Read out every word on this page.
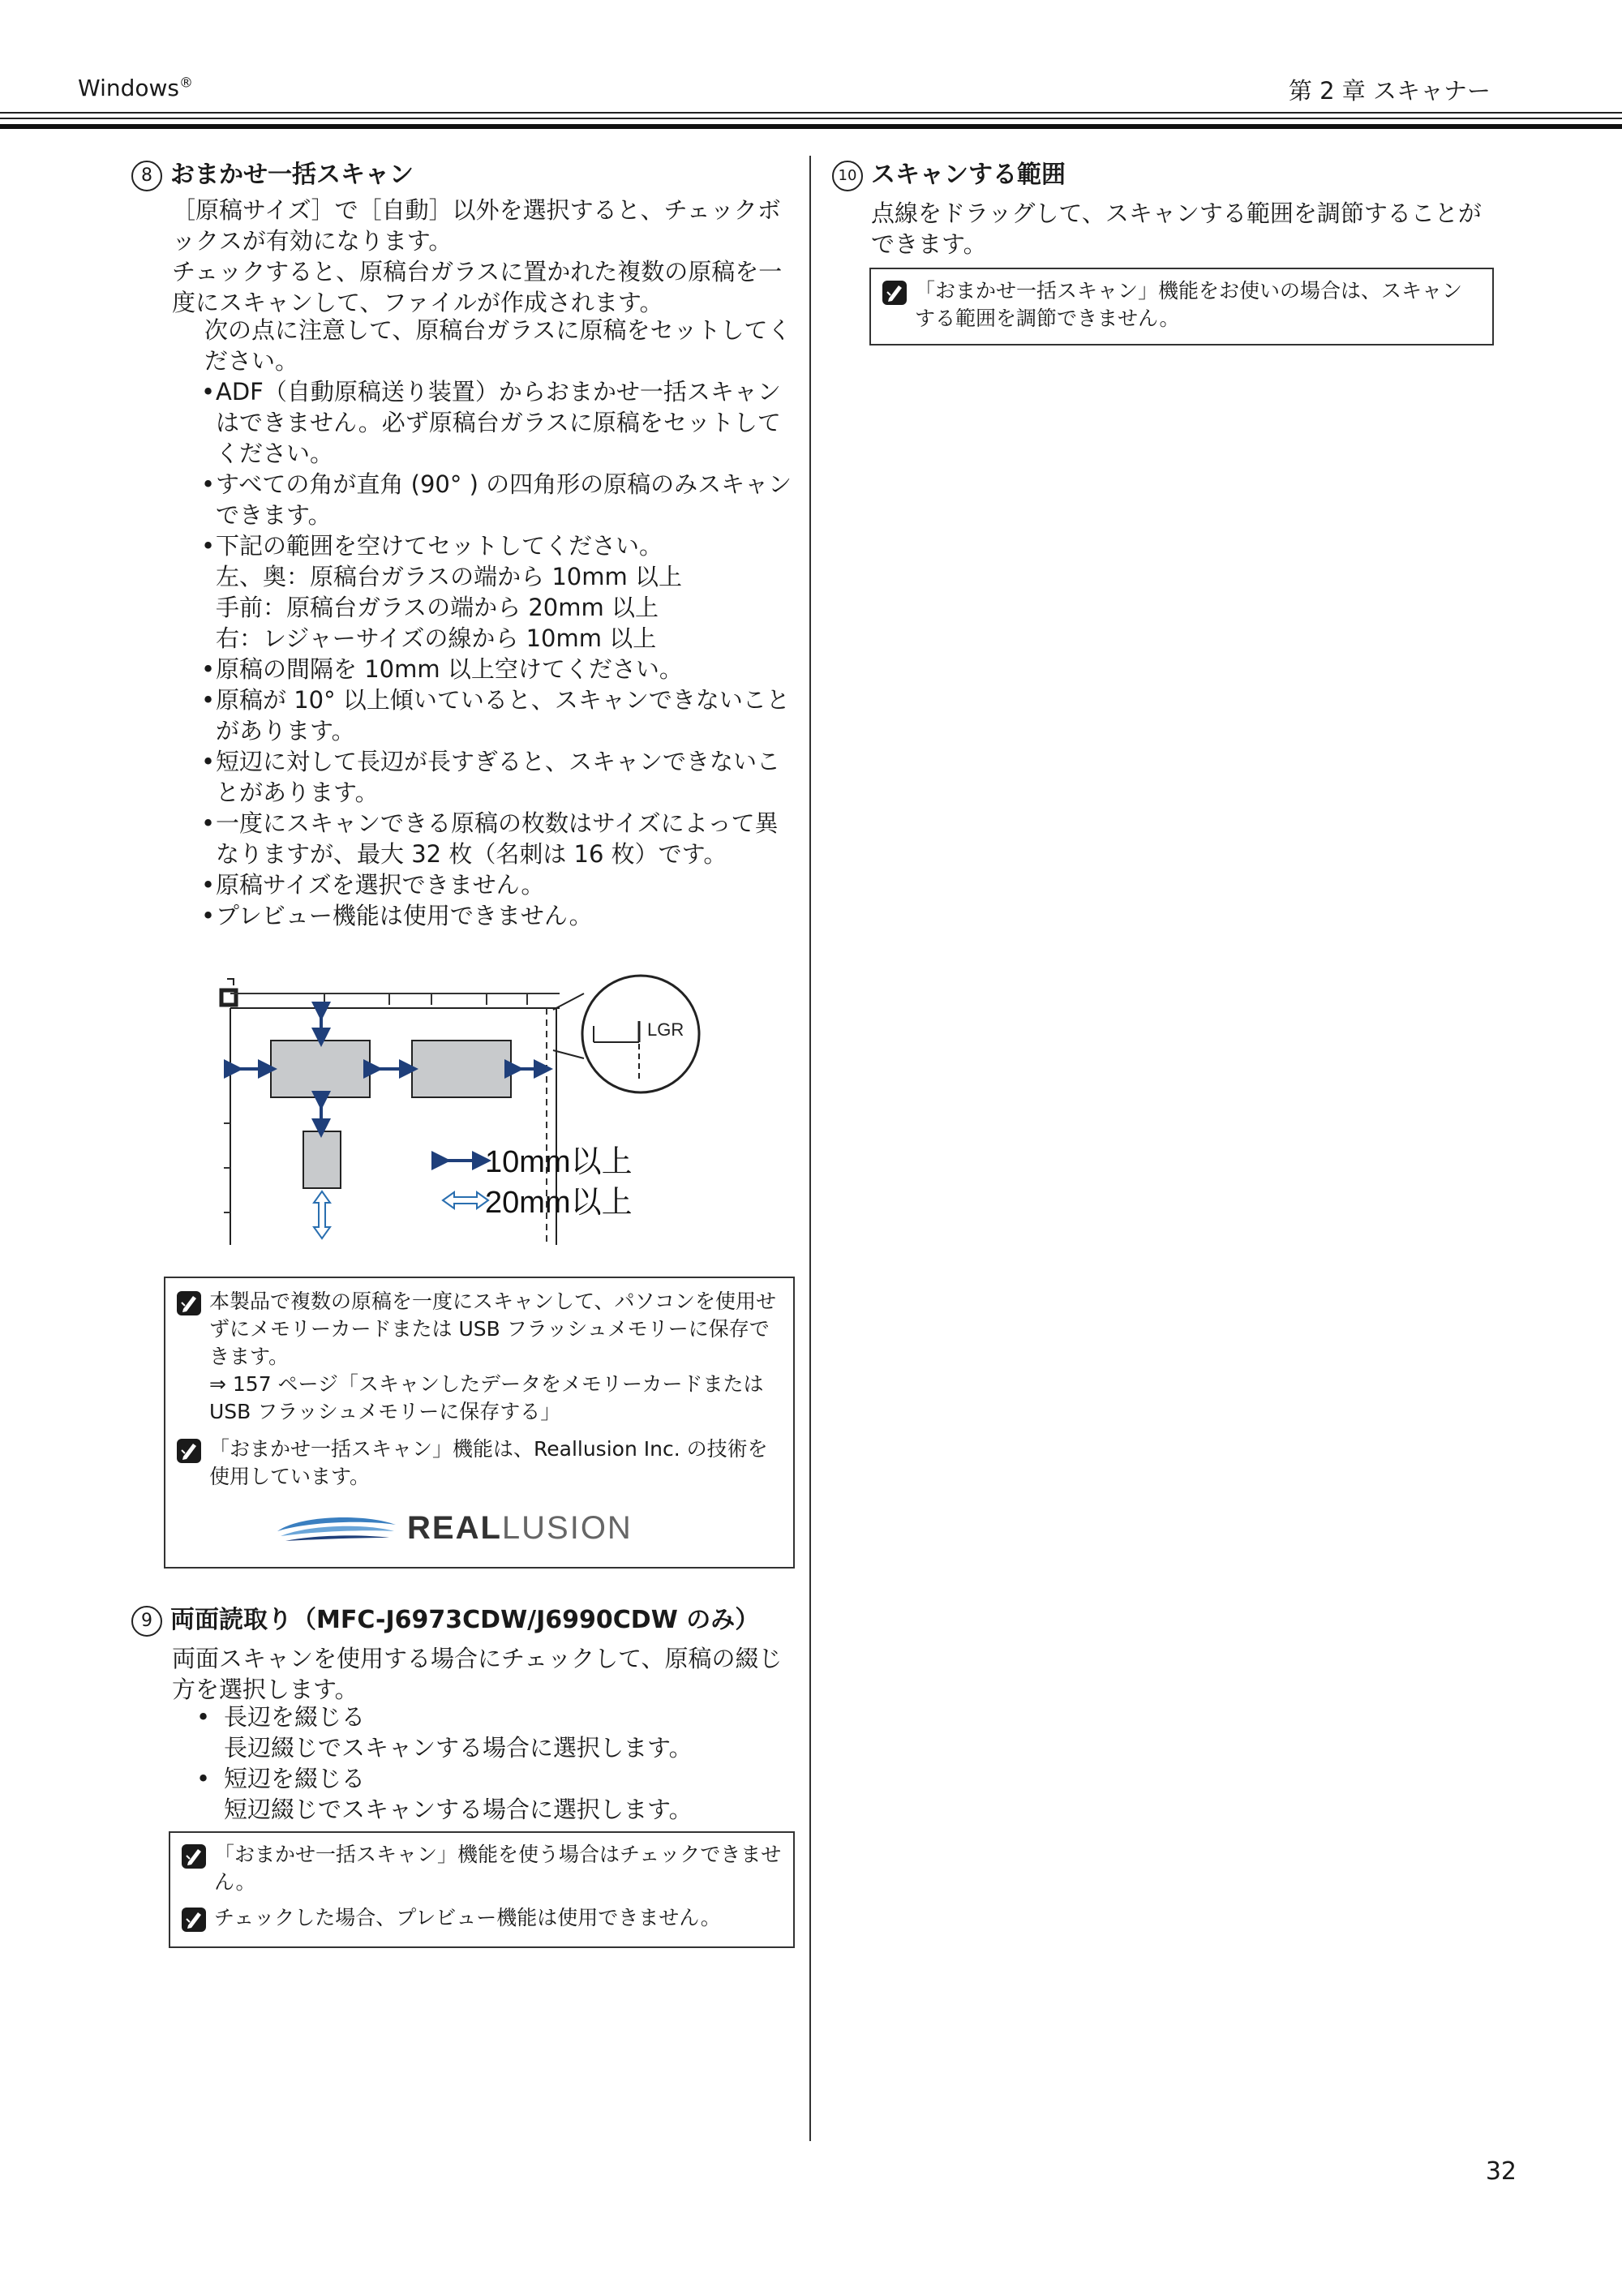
Windows®	第 2 章 スキャナー
8 おまかせ一括スキャン

［原稿サイズ］で［自動］以外を選択すると、チェックボックスが有効になります。

チェックすると、原稿台ガラスに置かれた複数の原稿を一度にスキャンして、ファイルが作成されます。

次の点に注意して、原稿台ガラスに原稿をセットしてください。

• ADF（自動原稿送り装置）からおまかせ一括スキャンはできません。必ず原稿台ガラスに原稿をセットしてください。
• すべての角が直角 (90° ) の四角形の原稿のみスキャンできます。
• 下記の範囲を空けてセットしてください。
左、奥：原稿台ガラスの端から 10mm 以上
手前：原稿台ガラスの端から 20mm 以上
右：レジャーサイズの線から 10mm 以上
• 原稿の間隔を 10mm 以上空けてください。
• 原稿が 10° 以上傾いていると、スキャンできないことがあります。
• 短辺に対して長辺が長すぎると、スキャンできないことがあります。
• 一度にスキャンできる原稿の枚数はサイズによって異なりますが、最大 32 枚（名刺は 16 枚）です。
• 原稿サイズを選択できません。
• プレビュー機能は使用できません。
LGR
10mm以上
20mm以上
本製品で複数の原稿を一度にスキャンして、パソコンを使用せずにメモリーカードまたは USB フラッシュメモリーに保存できます。
⇒ 157 ページ「スキャンしたデータをメモリーカードまたは USB フラッシュメモリーに保存する」
「おまかせ一括スキャン」機能は、Reallusion Inc. の技術を使用しています。
REALLUSION
9 両面読取り（MFC-J6973CDW/J6990CDW のみ）

両面スキャンを使用する場合にチェックして、原稿の綴じ方を選択します。

• 長辺を綴じる
長辺綴じでスキャンする場合に選択します。
• 短辺を綴じる
短辺綴じでスキャンする場合に選択します。
「おまかせ一括スキャン」機能を使う場合はチェックできません。
チェックした場合、プレビュー機能は使用できません。
10 スキャンする範囲

点線をドラッグして、スキャンする範囲を調節することができます。

「おまかせ一括スキャン」機能をお使いの場合は、スキャンする範囲を調節できません。
32
